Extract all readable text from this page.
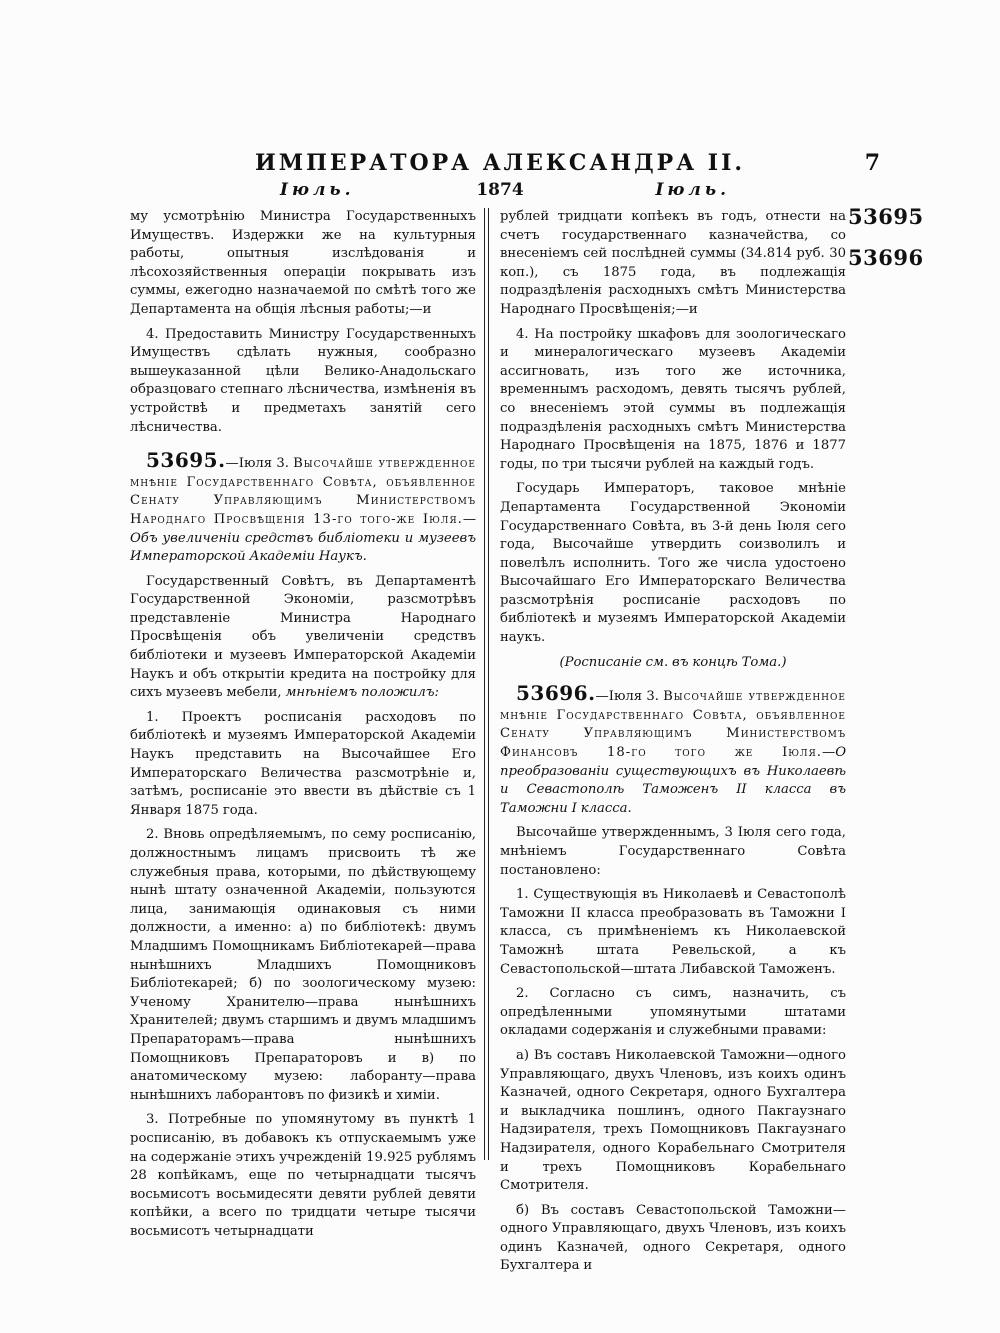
ИМПЕРАТОРА АЛЕКСАНДРА II.	7
Іюль.	1874	Іюль.
53695
53696

му усмотрѣнію Министра Государственныхъ Имуществъ. Издержки же на культурныя работы, опытныя изслѣдованія и лѣсохозяйственныя операціи покрывать изъ суммы, ежегодно назначаемой по смѣтѣ того же Департамента на общія лѣсныя работы;—и

4. Предоставить Министру Государственныхъ Имуществъ сдѣлать нужныя, сообразно вышеуказанной цѣли Велико-Анадольскаго образцоваго степнаго лѣсничества, измѣненія въ устройствѣ и предметахъ занятій сего лѣсничества.

53695.—Іюля 3. Высочайше утвержденное мнѣніе Государственнаго Совѣта, объявленное Сенату Управляющимъ Министерствомъ Народнаго Просвѣщенія 13-го того-же Іюля.—Объ увеличеніи средствъ библіотеки и музеевъ Императорской Академіи Наукъ.

Государственный Совѣтъ, въ Департаментѣ Государственной Экономіи, разсмотрѣвъ представленіе Министра Народнаго Просвѣщенія объ увеличеніи средствъ библіотеки и музеевъ Императорской Академіи Наукъ и объ открытіи кредита на постройку для сихъ музеевъ мебели, мнѣніемъ положилъ:

1. Проектъ росписанія расходовъ по библіотекѣ и музеямъ Императорской Академіи Наукъ представить на Высочайшее Его Императорскаго Величества разсмотрѣніе и, затѣмъ, росписаніе это ввести въ дѣйствіе съ 1 Января 1875 года.

2. Вновь опредѣляемымъ, по сему росписанію, должностнымъ лицамъ присвоить тѣ же служебныя права, которыми, по дѣйствующему нынѣ штату означенной Академіи, пользуются лица, занимающія одинаковыя съ ними должности, а именно: а) по библіотекѣ: двумъ Младшимъ Помощникамъ Библіотекарей—права нынѣшнихъ Младшихъ Помощниковъ Библіотекарей; б) по зоологическому музею: Ученому Хранителю—права нынѣшнихъ Хранителей; двумъ старшимъ и двумъ младшимъ Препараторамъ—права нынѣшнихъ Помощниковъ Препараторовъ и в) по анатомическому музею: лаборанту—права нынѣшнихъ лаборантовъ по физикѣ и химіи.

3. Потребные по упомянутому въ пунктѣ 1 росписанію, въ добавокъ къ отпускаемымъ уже на содержаніе этихъ учрежденій 19.925 рублямъ 28 копѣйкамъ, еще по четырнадцати тысячъ восьмисотъ восьмидесяти девяти рублей девяти копѣйки, а всего по тридцати четыре тысячи восьмисотъ четырнадцати

рублей тридцати копѣекъ въ годъ, отнести на счетъ государственнаго казначейства, со внесеніемъ сей послѣдней суммы (34.814 руб. 30 коп.), съ 1875 года, въ подлежащія подраздѣленія расходныхъ смѣтъ Министерства Народнаго Просвѣщенія;—и

4. На постройку шкафовъ для зоологическаго и минералогическаго музеевъ Академіи ассигновать, изъ того же источника, временнымъ расходомъ, девять тысячъ рублей, со внесеніемъ этой суммы въ подлежащія подраздѣленія расходныхъ смѣтъ Министерства Народнаго Просвѣщенія на 1875, 1876 и 1877 годы, по три тысячи рублей на каждый годъ.

Государь Императоръ, таковое мнѣніе Департамента Государственной Экономіи Государственнаго Совѣта, въ 3-й день Іюля сего года, Высочайше утвердить соизволилъ и повелѣлъ исполнить. Того же числа удостоено Высочайшаго Его Императорскаго Величества разсмотрѣнія росписаніе расходовъ по библіотекѣ и музеямъ Императорской Академіи наукъ.

(Росписаніе см. въ концѣ Тома.)

53696.—Іюля 3. Высочайше утвержденное мнѣніе Государственнаго Совѣта, объявленное Сенату Управляющимъ Министерствомъ Финансовъ 18-го того же Іюля.—О преобразованіи существующихъ въ Николаевѣ и Севастополѣ Таможенъ II класса въ Таможни I класса.

Высочайше утвержденнымъ, 3 Іюля сего года, мнѣніемъ Государственнаго Совѣта постановлено:

1. Существующія въ Николаевѣ и Севастополѣ Таможни II класса преобразовать въ Таможни I класса, съ примѣненіемъ къ Николаевской Таможнѣ штата Ревельской, а къ Севастопольской—штата Либавской Таможенъ.

2. Согласно съ симъ, назначить, съ опредѣленными упомянутыми штатами окладами содержанія и служебными правами:

а) Въ составъ Николаевской Таможни—одного Управляющаго, двухъ Членовъ, изъ коихъ одинъ Казначей, одного Секретаря, одного Бухгалтера и выкладчика пошлинъ, одного Пакгаузнаго Надзирателя, трехъ Помощниковъ Пакгаузнаго Надзирателя, одного Корабельнаго Смотрителя и трехъ Помощниковъ Корабельнаго Смотрителя.

б) Въ составъ Севастопольской Таможни—одного Управляющаго, двухъ Членовъ, изъ коихъ одинъ Казначей, одного Секретаря, одного Бухгалтера и
